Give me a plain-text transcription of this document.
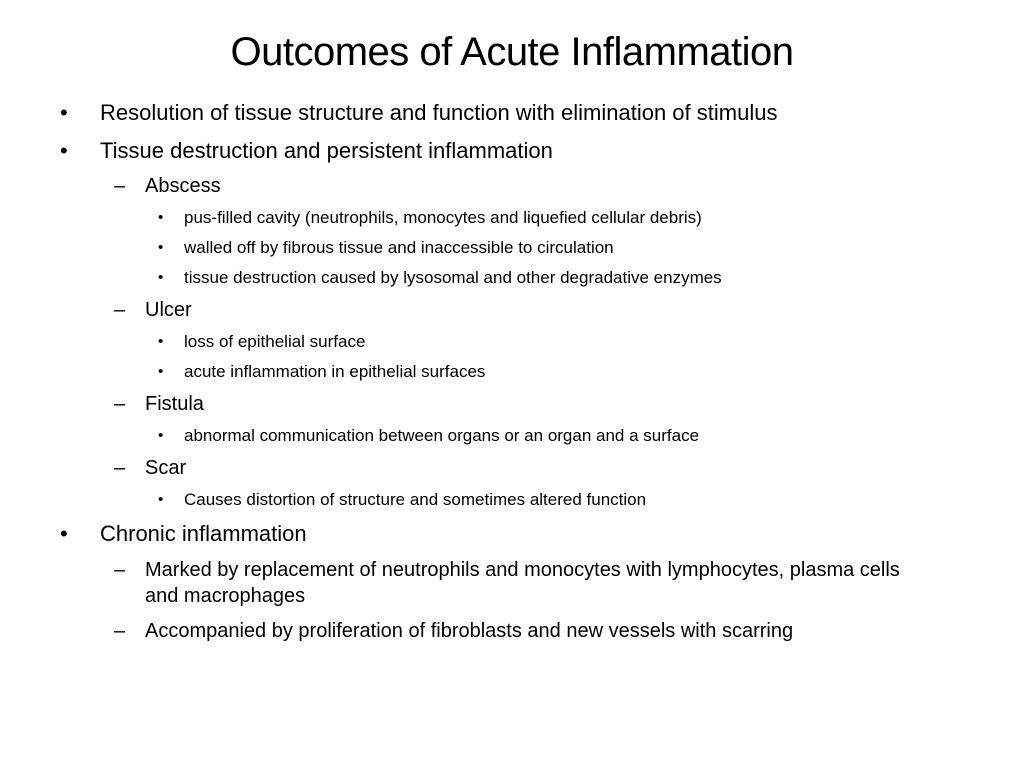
Outcomes of Acute Inflammation
• Resolution of tissue structure and function with elimination of stimulus
• Tissue destruction and persistent inflammation
– Abscess
• pus-filled cavity (neutrophils, monocytes and liquefied cellular debris)
• walled off by fibrous tissue and inaccessible to circulation
• tissue destruction caused by lysosomal and other degradative enzymes
– Ulcer
• loss of epithelial surface
• acute inflammation in epithelial surfaces
– Fistula
• abnormal communication between organs or an organ and a surface
– Scar
• Causes distortion of structure and sometimes altered function
• Chronic inflammation
– Marked by replacement of neutrophils and monocytes with lymphocytes, plasma cells and macrophages
– Accompanied by proliferation of fibroblasts and new vessels with scarring
